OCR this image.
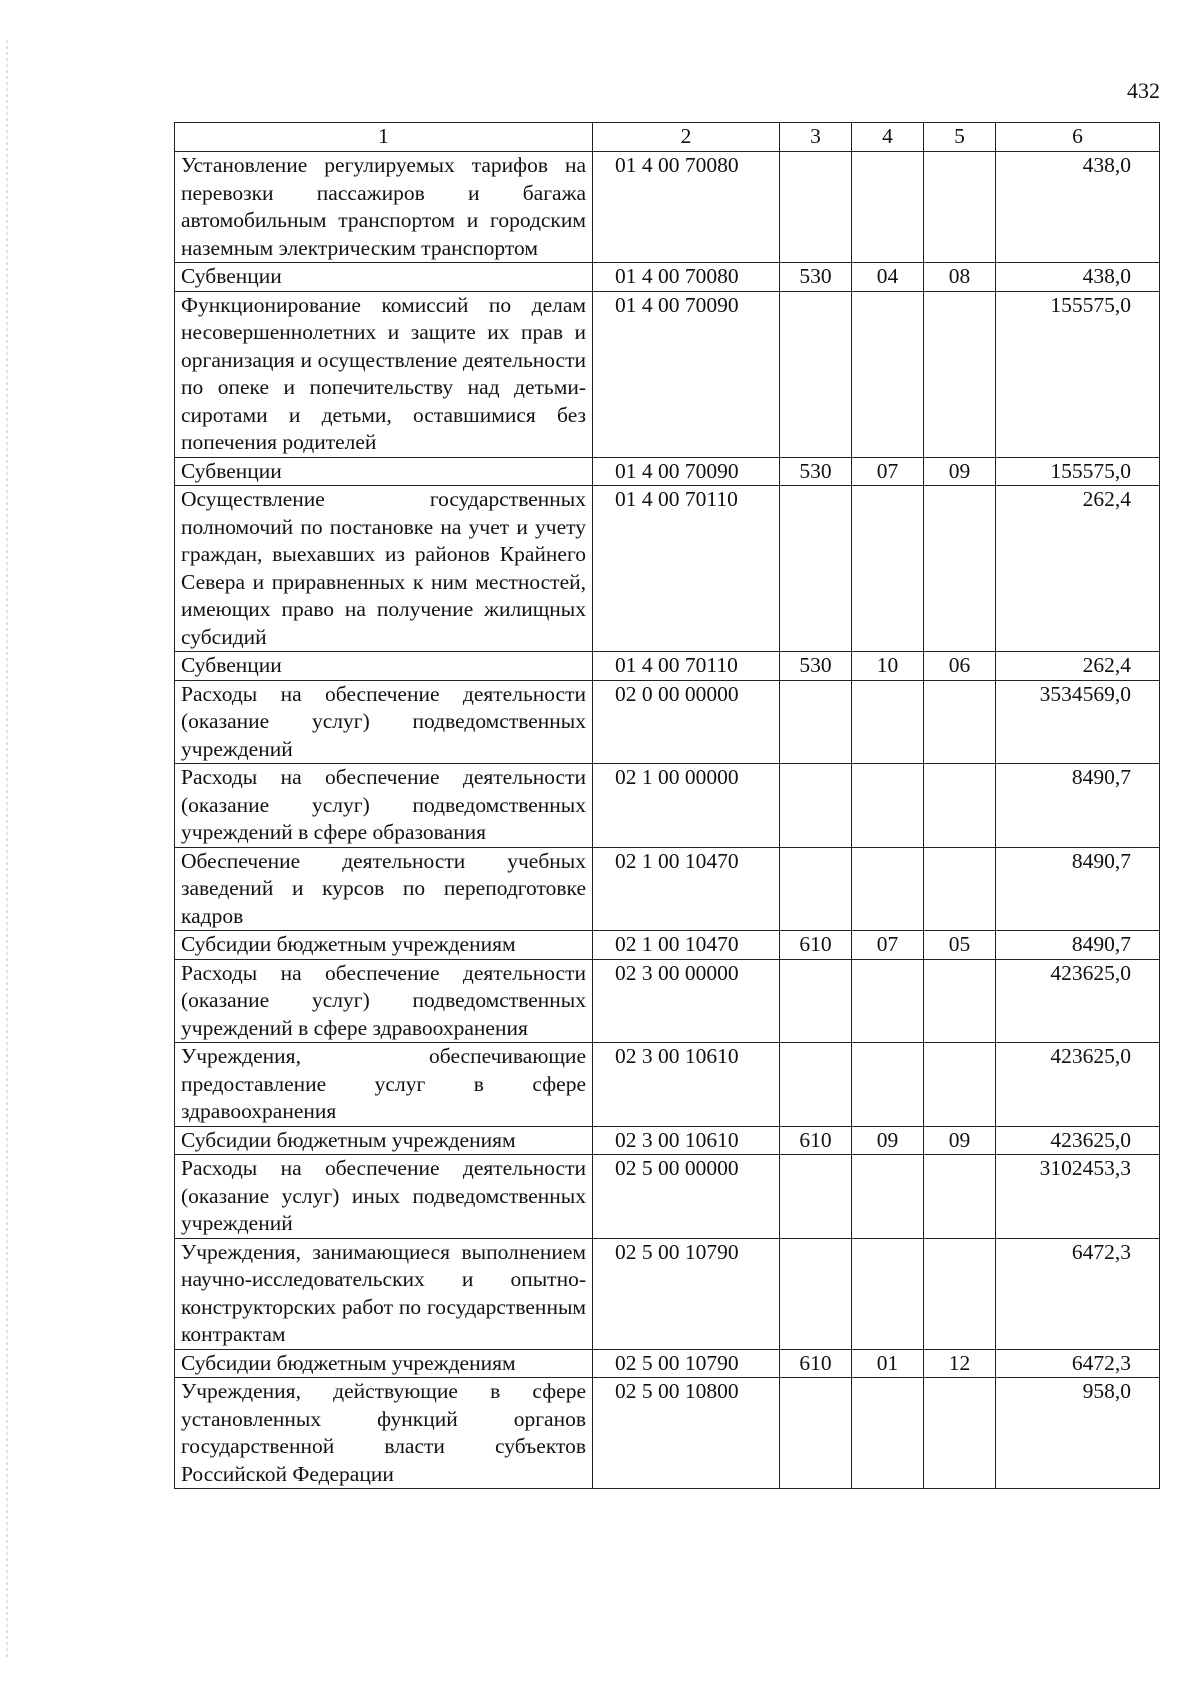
432
1	2	3	4	5	6
Установление регулируемых тарифов на перевозки пассажиров и багажа автомобильным транспортом и городским наземным электрическим транспортом	01 4 00 70080				438,0
Субвенции	01 4 00 70080	530	04	08	438,0
Функционирование комиссий по делам несовершеннолетних и защите их прав и организация и осуществление деятельности по опеке и попечительству над детьми-сиротами и детьми, оставшимися без попечения родителей	01 4 00 70090				155575,0
Субвенции	01 4 00 70090	530	07	09	155575,0
Осуществление государственных полномочий по постановке на учет и учету граждан, выехавших из районов Крайнего Севера и приравненных к ним местностей, имеющих право на получение жилищных субсидий	01 4 00 70110				262,4
Субвенции	01 4 00 70110	530	10	06	262,4
Расходы на обеспечение деятельности (оказание услуг) подведомственных учреждений	02 0 00 00000				3534569,0
Расходы на обеспечение деятельности (оказание услуг) подведомственных учреждений в сфере образования	02 1 00 00000				8490,7
Обеспечение деятельности учебных заведений и курсов по переподготовке кадров	02 1 00 10470				8490,7
Субсидии бюджетным учреждениям	02 1 00 10470	610	07	05	8490,7
Расходы на обеспечение деятельности (оказание услуг) подведомственных учреждений в сфере здравоохранения	02 3 00 00000				423625,0
Учреждения, обеспечивающие предоставление услуг в сфере здравоохранения	02 3 00 10610				423625,0
Субсидии бюджетным учреждениям	02 3 00 10610	610	09	09	423625,0
Расходы на обеспечение деятельности (оказание услуг) иных подведомственных учреждений	02 5 00 00000				3102453,3
Учреждения, занимающиеся выполнением научно-исследовательских и опытно-конструкторских работ по государственным контрактам	02 5 00 10790				6472,3
Субсидии бюджетным учреждениям	02 5 00 10790	610	01	12	6472,3
Учреждения, действующие в сфере установленных функций органов государственной власти субъектов Российской Федерации	02 5 00 10800				958,0
